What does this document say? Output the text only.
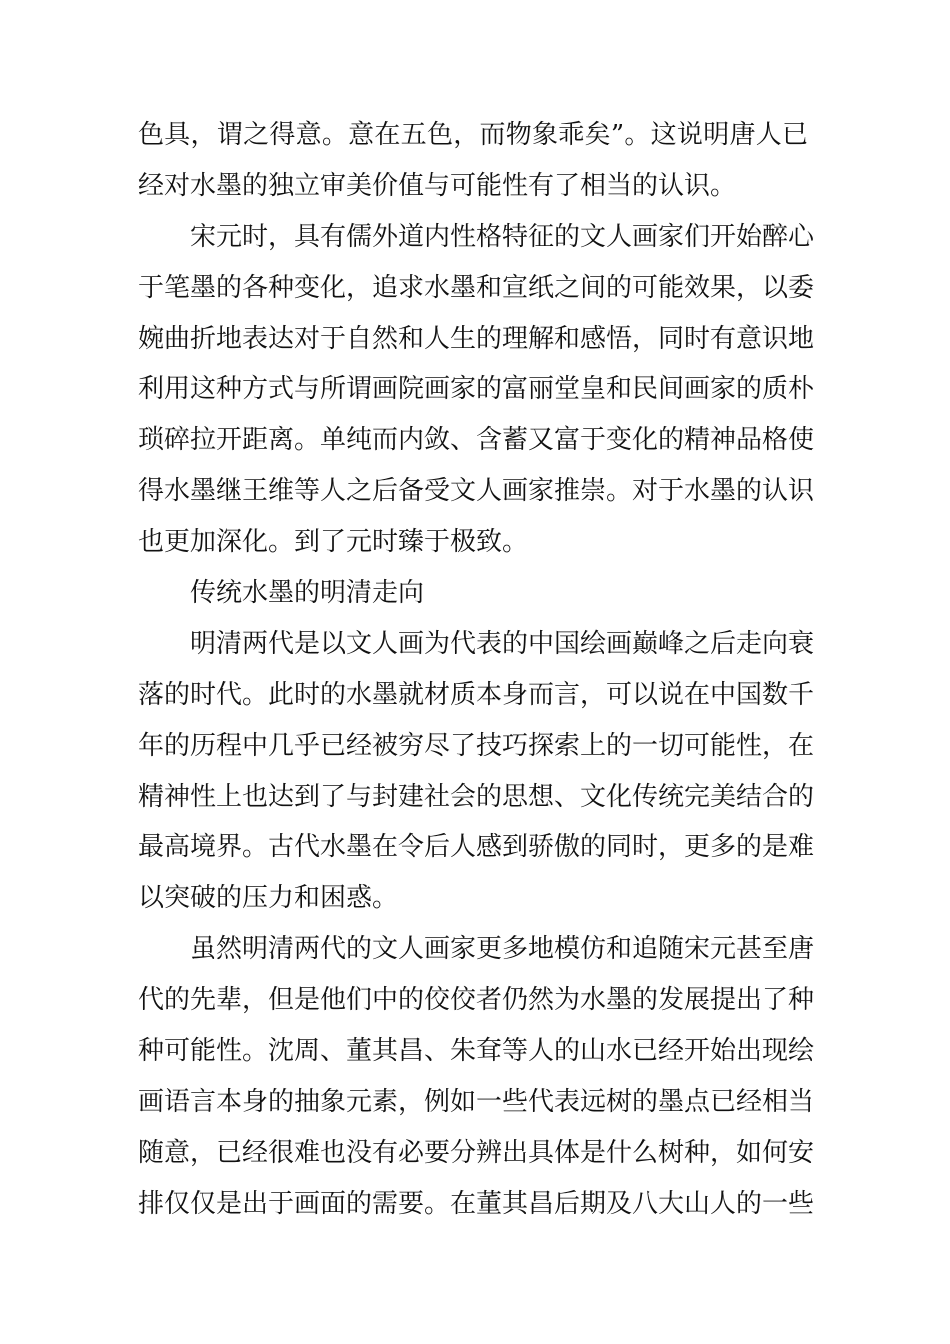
色具，谓之得意。意在五色，而物象乖矣”。这说明唐人已
经对水墨的独立审美价值与可能性有了相当的认识。

宋元时，具有儒外道内性格特征的文人画家们开始醉心
于笔墨的各种变化，追求水墨和宣纸之间的可能效果，以委
婉曲折地表达对于自然和人生的理解和感悟，同时有意识地
利用这种方式与所谓画院画家的富丽堂皇和民间画家的质朴
琐碎拉开距离。单纯而内敛、含蓄又富于变化的精神品格使
得水墨继王维等人之后备受文人画家推崇。对于水墨的认识
也更加深化。到了元时臻于极致。

传统水墨的明清走向

明清两代是以文人画为代表的中国绘画巅峰之后走向衰
落的时代。此时的水墨就材质本身而言，可以说在中国数千
年的历程中几乎已经被穷尽了技巧探索上的一切可能性，在
精神性上也达到了与封建社会的思想、文化传统完美结合的
最高境界。古代水墨在令后人感到骄傲的同时，更多的是难
以突破的压力和困惑。

虽然明清两代的文人画家更多地模仿和追随宋元甚至唐
代的先辈，但是他们中的佼佼者仍然为水墨的发展提出了种
种可能性。沈周、董其昌、朱耷等人的山水已经开始出现绘
画语言本身的抽象元素，例如一些代表远树的墨点已经相当
随意，已经很难也没有必要分辨出具体是什么树种，如何安
排仅仅是出于画面的需要。在董其昌后期及八大山人的一些
